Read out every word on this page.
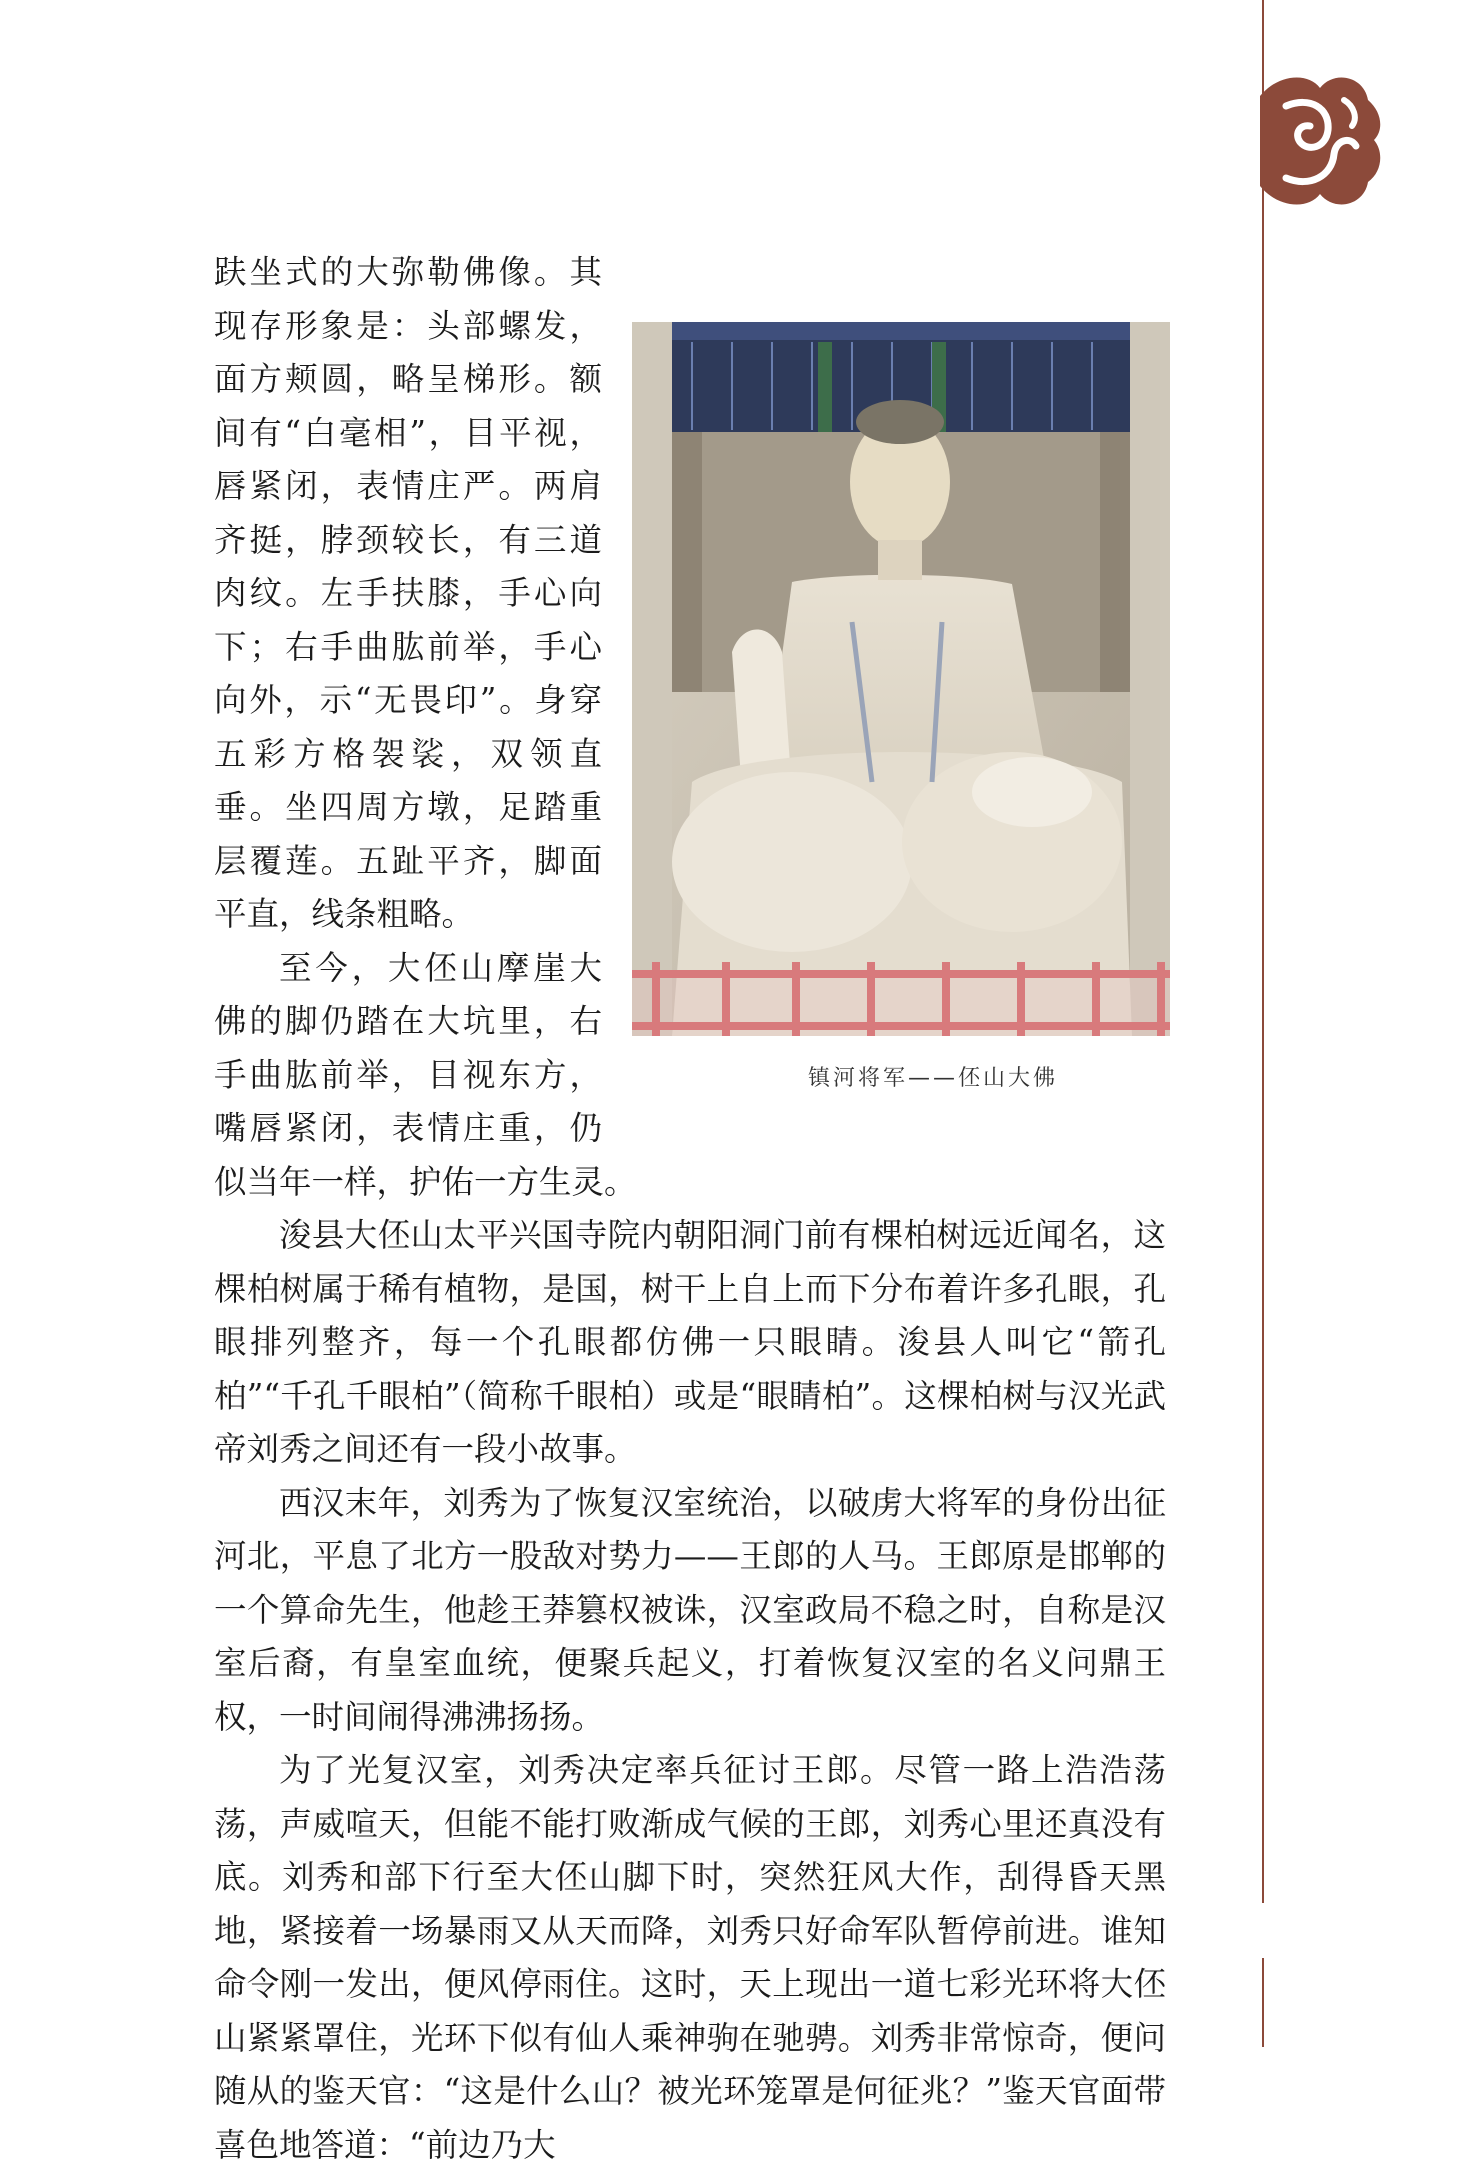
镇河将军——伾山大佛

趺坐式的大弥勒佛像。其现存形象是：头部螺发，面方颊圆，略呈梯形。额间有“白毫相”，目平视，唇紧闭，表情庄严。两肩齐挺，脖颈较长，有三道肉纹。左手扶膝，手心向下；右手曲肱前举，手心向外，示“无畏印”。身穿五彩方格袈裟，双领直垂。坐四周方墩，足踏重层覆莲。五趾平齐，脚面平直，线条粗略。

至今，大伾山摩崖大佛的脚仍踏在大坑里，右手曲肱前举，目视东方，嘴唇紧闭，表情庄重，仍似当年一样，护佑一方生灵。

浚县大伾山太平兴国寺院内朝阳洞门前有棵柏树远近闻名，这棵柏树属于稀有植物，是国，树干上自上而下分布着许多孔眼，孔眼排列整齐，每一个孔眼都仿佛一只眼睛。浚县人叫它“箭孔柏”“千孔千眼柏”（简称千眼柏）或是“眼睛柏”。这棵柏树与汉光武帝刘秀之间还有一段小故事。

西汉末年，刘秀为了恢复汉室统治，以破虏大将军的身份出征河北，平息了北方一股敌对势力——王郎的人马。王郎原是邯郸的一个算命先生，他趁王莽篡权被诛，汉室政局不稳之时，自称是汉室后裔，有皇室血统，便聚兵起义，打着恢复汉室的名义问鼎王权，一时间闹得沸沸扬扬。

为了光复汉室，刘秀决定率兵征讨王郎。尽管一路上浩浩荡荡，声威喧天，但能不能打败渐成气候的王郎，刘秀心里还真没有底。刘秀和部下行至大伾山脚下时，突然狂风大作，刮得昏天黑地，紧接着一场暴雨又从天而降，刘秀只好命军队暂停前进。谁知命令刚一发出，便风停雨住。这时，天上现出一道七彩光环将大伾山紧紧罩住，光环下似有仙人乘神驹在驰骋。刘秀非常惊奇，便问随从的鉴天官：“这是什么山？被光环笼罩是何征兆？”鉴天官面带喜色地答道：“前边乃大
